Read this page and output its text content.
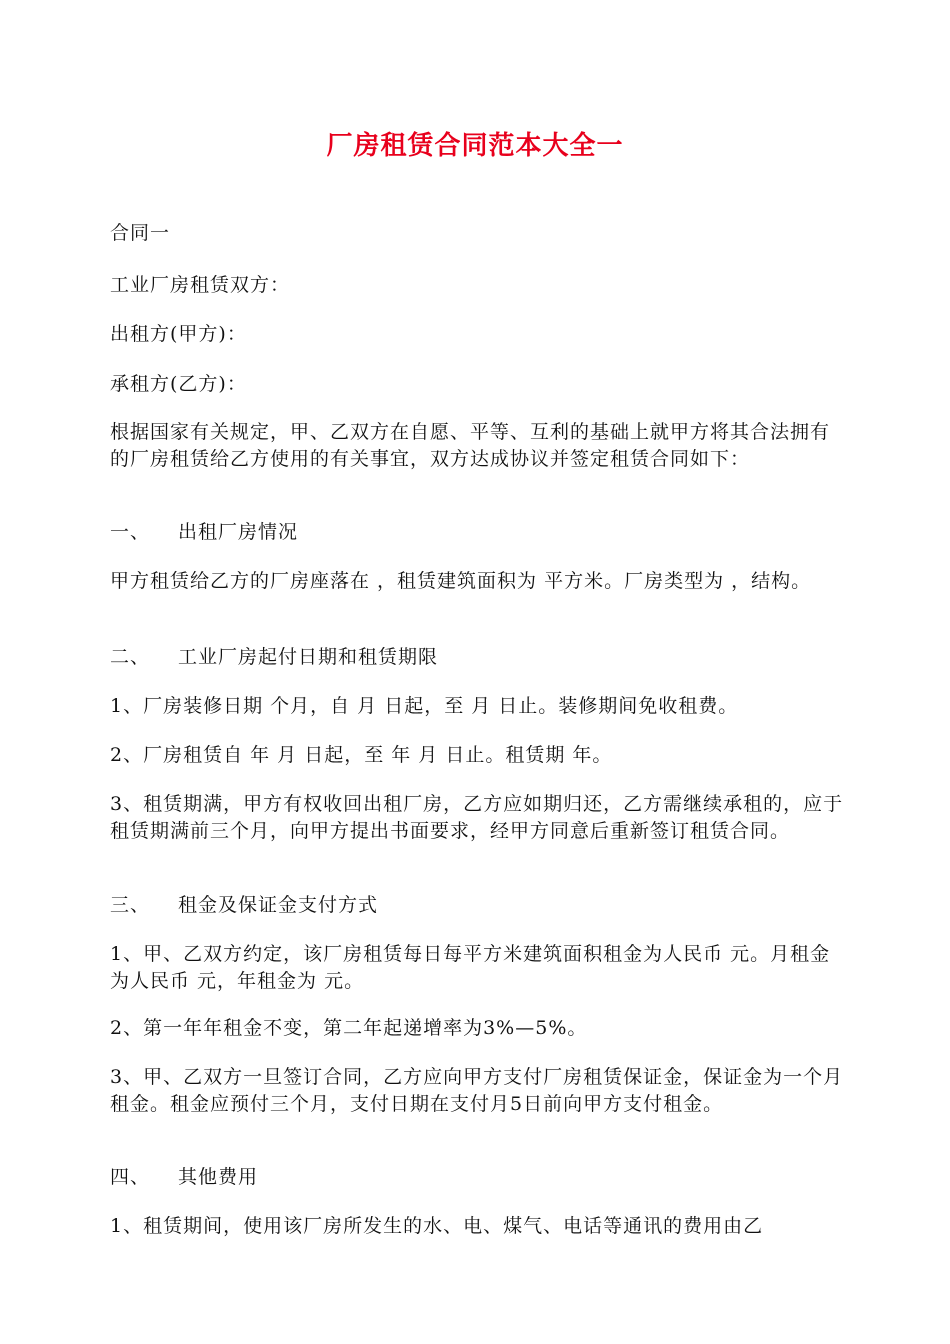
厂房租赁合同范本大全一

合同一

工业厂房租赁双方：

出租方(甲方)：

承租方(乙方)：

根据国家有关规定，甲、乙双方在自愿、平等、互利的基础上就甲方将其合法拥有的厂房租赁给乙方使用的有关事宜，双方达成协议并签定租赁合同如下：

一、 出租厂房情况

甲方租赁给乙方的厂房座落在 ，租赁建筑面积为 平方米。厂房类型为 ，结构。

二、 工业厂房起付日期和租赁期限

1、厂房装修日期 个月，自 月 日起，至 月 日止。装修期间免收租费。

2、厂房租赁自 年 月 日起，至 年 月 日止。租赁期 年。

3、租赁期满，甲方有权收回出租厂房，乙方应如期归还，乙方需继续承租的，应于租赁期满前三个月，向甲方提出书面要求，经甲方同意后重新签订租赁合同。

三、 租金及保证金支付方式

1、甲、乙双方约定，该厂房租赁每日每平方米建筑面积租金为人民币 元。月租金为人民币 元，年租金为 元。

2、第一年年租金不变，第二年起递增率为3%—5%。

3、甲、乙双方一旦签订合同，乙方应向甲方支付厂房租赁保证金，保证金为一个月租金。租金应预付三个月，支付日期在支付月5日前向甲方支付租金。

四、 其他费用

1、租赁期间，使用该厂房所发生的水、电、煤气、电话等通讯的费用由乙
